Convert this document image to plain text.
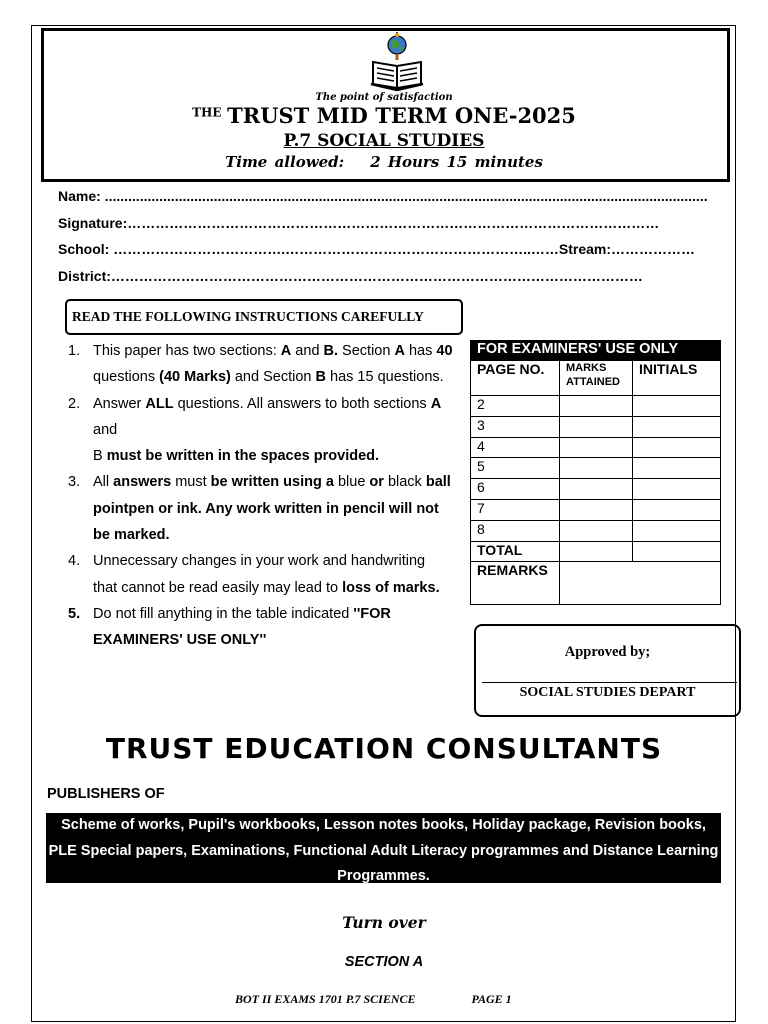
The point of satisfaction
$^{THE}$ TRUST MID TERM ONE-2025
P.7 SOCIAL STUDIES
Time allowed: 2 Hours 15 minutes
Name: ...........................................................................................................................................................
Signature:……………………………………………………………………………………………………
School: ……………………………….……………………………………………..……Stream:………………
District:……………………………………………………………………………………………………
READ THE FOLLOWING INSTRUCTIONS CAREFULLY
1. This paper has two sections: A and B. Section A has 40 questions (40 Marks) and Section B has 15 questions.
2. Answer ALL questions. All answers to both sections A and
B must be written in the spaces provided.
3. All answers must be written using a blue or black ball pointpen or ink. Any work written in pencil will not be marked.
4. Unnecessary changes in your work and handwriting that cannot be read easily may lead to loss of marks.
5. Do not fill anything in the table indicated ''FOR EXAMINERS' USE ONLY''
FOR EXAMINERS' USE ONLY		
PAGE NO.	MARKS ATTAINED	INITIALS
2		
3		
4		
5		
6		
7		
8		
TOTAL		
REMARKS		
Approved by;
SOCIAL STUDIES DEPART
TRUST EDUCATION CONSULTANTS
PUBLISHERS OF
Scheme of works, Pupil's workbooks, Lesson notes books, Holiday package, Revision books, PLE Special papers, Examinations, Functional Adult Literacy programmes and Distance Learning Programmes.
Turn over
SECTION A
BOT II EXAMS 1701 P.7 SCIENCE	PAGE 1
